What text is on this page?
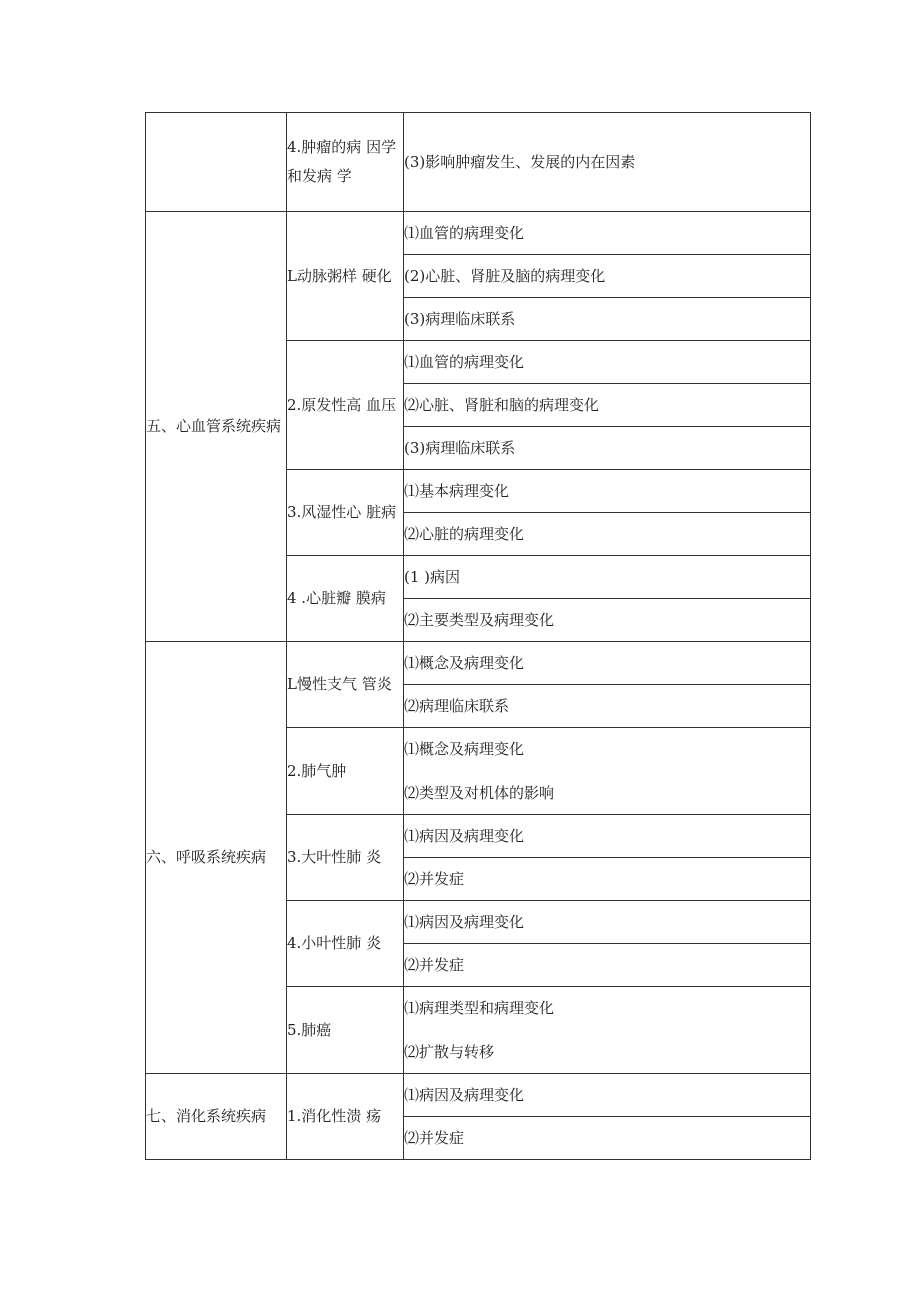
	4.肿瘤的病 因学和发病 学	(3)影响肿瘤发生、发展的内在因素
五、心血管系统疾病	L动脉粥样 硬化	⑴血管的病理变化
		(2)心脏、肾脏及脑的病理变化
		(3)病理临床联系
	2.原发性高 血压	⑴血管的病理变化
		⑵心脏、肾脏和脑的病理变化
		(3)病理临床联系
	3.风湿性心 脏病	⑴基本病理变化
		⑵心脏的病理变化
	4 .心脏瓣 膜病	(1 )病因
		⑵主要类型及病理变化
六、呼吸系统疾病	L慢性支气 管炎	⑴概念及病理变化
		⑵病理临床联系
	2.肺气肿	⑴概念及病理变化
⑵类型及对机体的影响

	3.大叶性肺 炎	⑴病因及病理变化
		⑵并发症
	4.小叶性肺 炎	⑴病因及病理变化
		⑵并发症
	5.肺癌	⑴病理类型和病理变化
⑵扩散与转移

七、消化系统疾病	1.消化性溃 疡	⑴病因及病理变化
		⑵并发症
